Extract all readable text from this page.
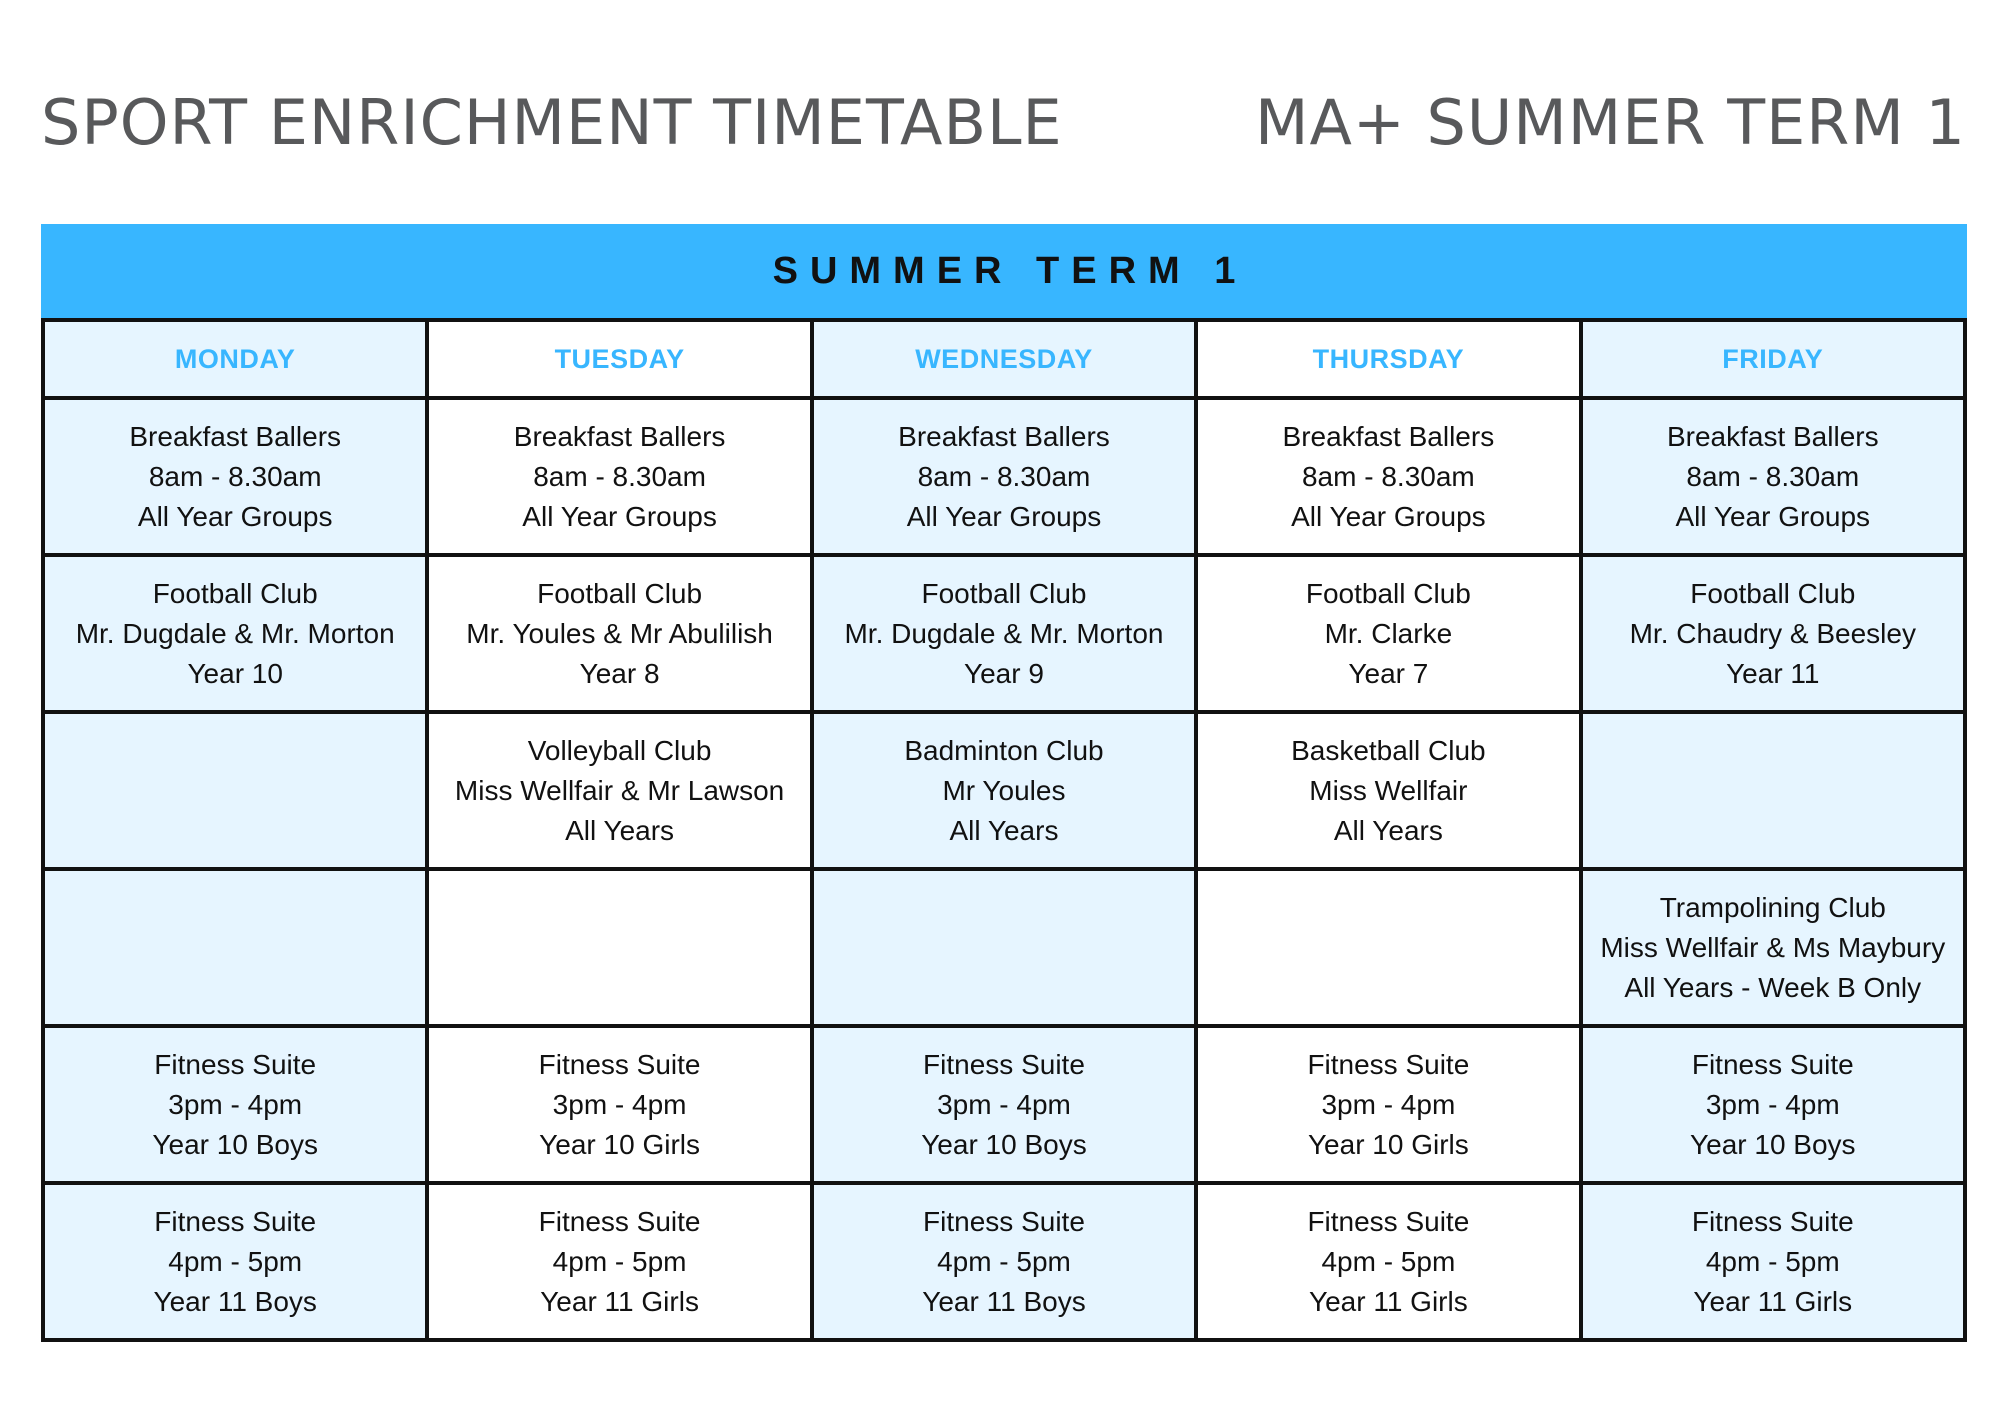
SPORT ENRICHMENT TIMETABLE	MA+ SUMMER TERM 1
SUMMER TERM 1
MONDAY	TUESDAY	WEDNESDAY	THURSDAY	FRIDAY

Breakfast Ballers
8am - 8.30am
All Year Groups	Breakfast Ballers
8am - 8.30am
All Year Groups	Breakfast Ballers
8am - 8.30am
All Year Groups	Breakfast Ballers
8am - 8.30am
All Year Groups	Breakfast Ballers
8am - 8.30am
All Year Groups

Football Club
Mr. Dugdale & Mr. Morton
Year 10	Football Club
Mr. Youles & Mr Abulilish
Year 8	Football Club
Mr. Dugdale & Mr. Morton
Year 9	Football Club
Mr. Clarke
Year 7	Football Club
Mr. Chaudry & Beesley
Year 11

	Volleyball Club
Miss Wellfair & Mr Lawson
All Years	Badminton Club
Mr Youles
All Years	Basketball Club
Miss Wellfair
All Years	

				Trampolining Club
Miss Wellfair & Ms Maybury
All Years - Week B Only

Fitness Suite
3pm - 4pm
Year 10 Boys	Fitness Suite
3pm - 4pm
Year 10 Girls	Fitness Suite
3pm - 4pm
Year 10 Boys	Fitness Suite
3pm - 4pm
Year 10 Girls	Fitness Suite
3pm - 4pm
Year 10 Boys

Fitness Suite
4pm - 5pm
Year 11 Boys	Fitness Suite
4pm - 5pm
Year 11 Girls	Fitness Suite
4pm - 5pm
Year 11 Boys	Fitness Suite
4pm - 5pm
Year 11 Girls	Fitness Suite
4pm - 5pm
Year 11 Girls
